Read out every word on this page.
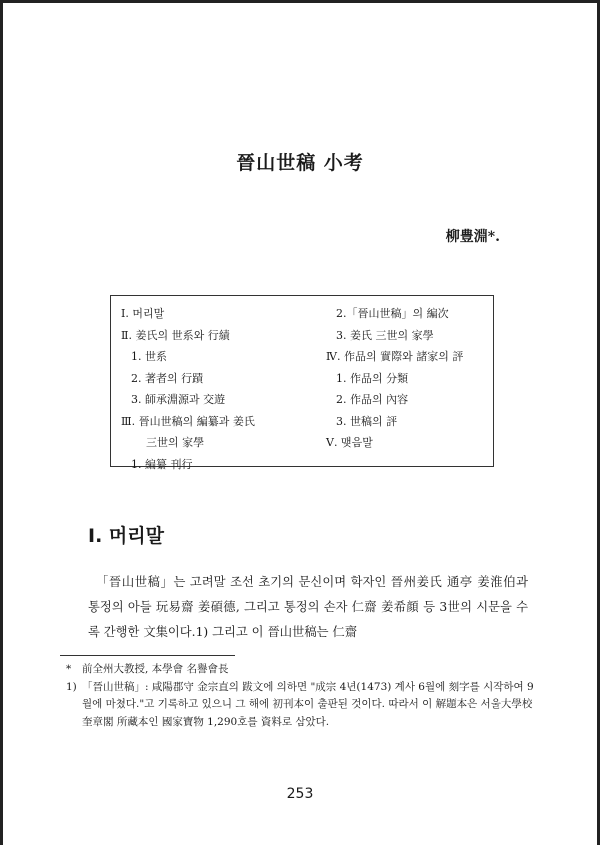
晉山世稿 小考
柳豊淵*.
Ⅰ. 머리말
Ⅱ. 姜氏의 世系와 行績
1. 世系
2. 著者의 行蹟
3. 師承淵源과 交遊
Ⅲ. 晉山世稿의 編纂과 姜氏
三世의 家學
1. 編纂 刊行
2.「晉山世稿」의 編次
3. 姜氏 三世의 家學
Ⅳ. 作品의 實際와 諸家의 評
1. 作品의 分類
2. 作品의 內容
3. 世稿의 評
Ⅴ. 맺음말
Ⅰ. 머리말

「晉山世稿」는 고려말 조선 초기의 문신이며 학자인 晉州姜氏 通亭 姜淮伯과 통정의 아들 玩易齋 姜碩德, 그리고 통정의 손자 仁齋 姜希顔 등 3世의 시문을 수록 간행한 文集이다.1) 그리고 이 晉山世稿는 仁齋

* 前全州大教授, 本學會 名譽會長
1) 「晉山世稿」: 咸陽郡守 金宗直의 跋文에 의하면 "成宗 4년(1473) 계사 6월에 刻字를 시작하여 9월에 마쳤다."고 기록하고 있으니 그 해에 初刊本이 출판된 것이다. 따라서 이 解題本은 서울大學校 奎章閣 所藏本인 國家寶物 1,290호를 資料로 삼았다.
253
